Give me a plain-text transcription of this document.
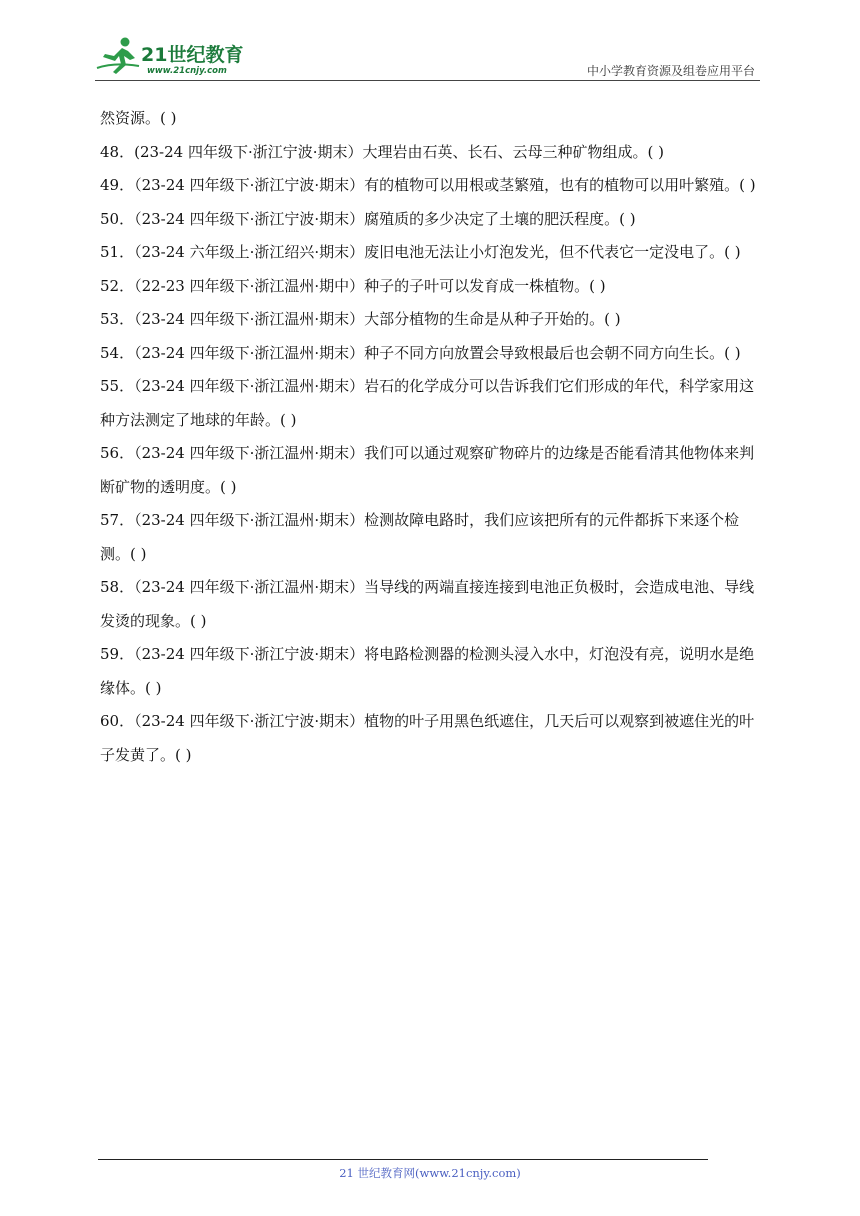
21世纪教育
www.21cnjy.com	中小学教育资源及组卷应用平台

然资源。( )

48．(23-24 四年级下·浙江宁波·期末）大理岩由石英、长石、云母三种矿物组成。( )

49．（23-24 四年级下·浙江宁波·期末）有的植物可以用根或茎繁殖，也有的植物可以用叶繁殖。( )

50．（23-24 四年级下·浙江宁波·期末）腐殖质的多少决定了土壤的肥沃程度。( )

51．（23-24 六年级上·浙江绍兴·期末）废旧电池无法让小灯泡发光，但不代表它一定没电了。( )

52．（22-23 四年级下·浙江温州·期中）种子的子叶可以发育成一株植物。( )

53．（23-24 四年级下·浙江温州·期末）大部分植物的生命是从种子开始的。( )

54．（23-24 四年级下·浙江温州·期末）种子不同方向放置会导致根最后也会朝不同方向生长。( )

55．（23-24 四年级下·浙江温州·期末）岩石的化学成分可以告诉我们它们形成的年代，科学家用这种方法测定了地球的年龄。( )

56．（23-24 四年级下·浙江温州·期末）我们可以通过观察矿物碎片的边缘是否能看清其他物体来判断矿物的透明度。( )

57．（23-24 四年级下·浙江温州·期末）检测故障电路时，我们应该把所有的元件都拆下来逐个检测。( )

58．（23-24 四年级下·浙江温州·期末）当导线的两端直接连接到电池正负极时，会造成电池、导线发烫的现象。( )

59．（23-24 四年级下·浙江宁波·期末）将电路检测器的检测头浸入水中，灯泡没有亮，说明水是绝缘体。( )

60．（23-24 四年级下·浙江宁波·期末）植物的叶子用黑色纸遮住，几天后可以观察到被遮住光的叶子发黄了。( )

21 世纪教育网(www.21cnjy.com)
